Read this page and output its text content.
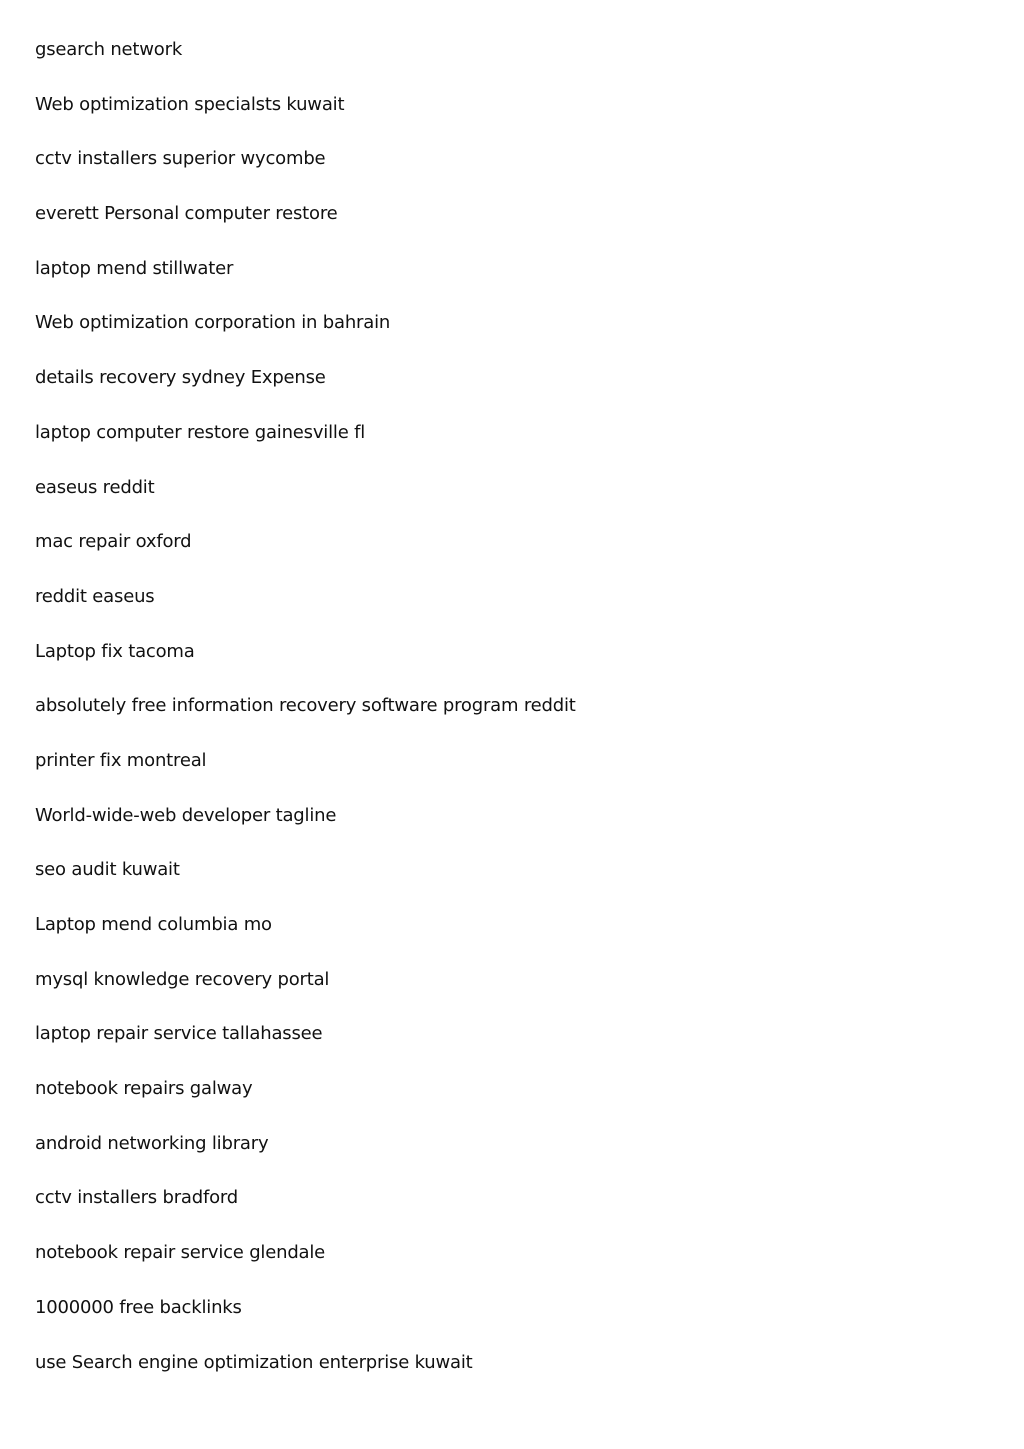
gsearch network
Web optimization specialsts kuwait
cctv installers superior wycombe
everett Personal computer restore
laptop mend stillwater
Web optimization corporation in bahrain
details recovery sydney Expense
laptop computer restore gainesville fl
easeus reddit
mac repair oxford
reddit easeus
Laptop fix tacoma
absolutely free information recovery software program reddit
printer fix montreal
World-wide-web developer tagline
seo audit kuwait
Laptop mend columbia mo
mysql knowledge recovery portal
laptop repair service tallahassee
notebook repairs galway
android networking library
cctv installers bradford
notebook repair service glendale
1000000 free backlinks
use Search engine optimization enterprise kuwait
